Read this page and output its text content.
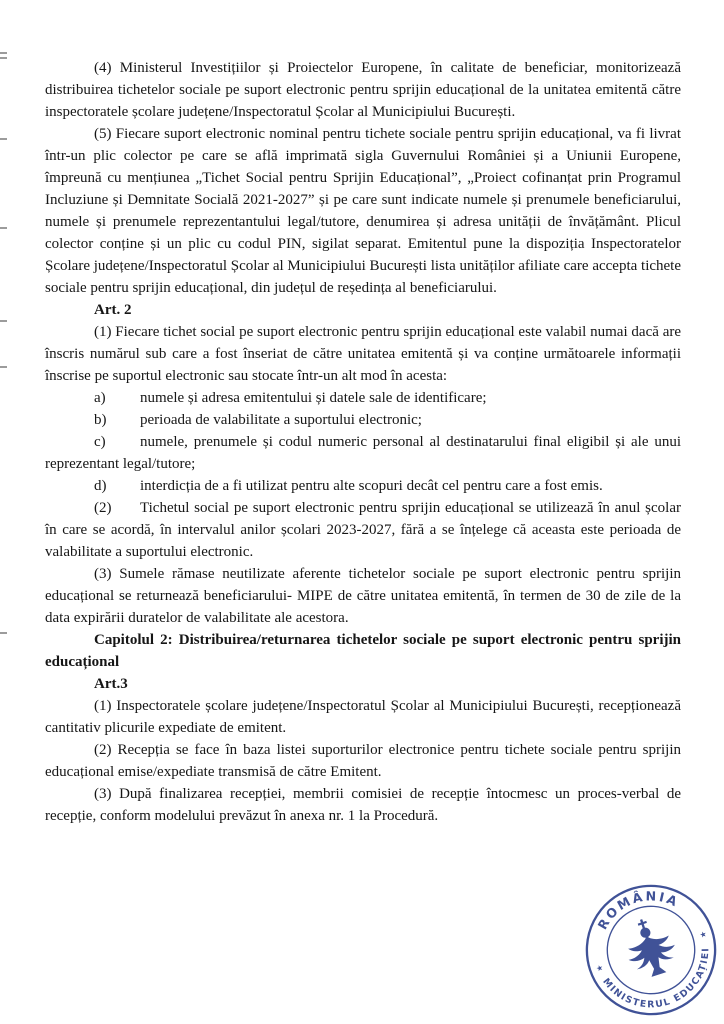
(4) Ministerul Investițiilor și Proiectelor Europene, în calitate de beneficiar, monitorizează distribuirea tichetelor sociale pe suport electronic pentru sprijin educațional de la unitatea emitentă către inspectoratele școlare județene/Inspectoratul Școlar al Municipiului București.

(5) Fiecare suport electronic nominal pentru tichete sociale pentru sprijin educațional, va fi livrat într-un plic colector pe care se află imprimată sigla Guvernului României și a Uniunii Europene, împreună cu mențiunea „Tichet Social pentru Sprijin Educațional”, „Proiect cofinanțat prin Programul Incluziune și Demnitate Socială 2021-2027” și pe care sunt indicate numele și prenumele beneficiarului, numele și prenumele reprezentantului legal/tutore, denumirea și adresa unității de învățământ. Plicul colector conține și un plic cu codul PIN, sigilat separat. Emitentul pune la dispoziția Inspectoratelor Școlare județene/Inspectoratul Școlar al Municipiului București lista unităților afiliate care accepta tichete sociale pentru sprijin educațional, din județul de reședința al beneficiarului.

Art. 2

(1) Fiecare tichet social pe suport electronic pentru sprijin educațional este valabil numai dacă are înscris numărul sub care a fost înseriat de către unitatea emitentă și va conține următoarele informații înscrise pe suportul electronic sau stocate într-un alt mod în acesta:

a) numele și adresa emitentului și datele sale de identificare;

b) perioada de valabilitate a suportului electronic;

c) numele, prenumele și codul numeric personal al destinatarului final eligibil și ale unui reprezentant legal/tutore;

d) interdicția de a fi utilizat pentru alte scopuri decât cel pentru care a fost emis.

(2) Tichetul social pe suport electronic pentru sprijin educațional se utilizează în anul școlar în care se acordă, în intervalul anilor școlari 2023-2027, fără a se înțelege că aceasta este perioada de valabilitate a suportului electronic.

(3) Sumele rămase neutilizate aferente tichetelor sociale pe suport electronic pentru sprijin educațional se returnează beneficiarului- MIPE de către unitatea emitentă, în termen de 30 de zile de la data expirării duratelor de valabilitate ale acestora.

Capitolul 2: Distribuirea/returnarea tichetelor sociale pe suport electronic pentru sprijin educațional

Art.3

(1) Inspectoratele școlare județene/Inspectoratul Școlar al Municipiului București, recepționează cantitativ plicurile expediate de emitent.

(2) Recepția se face în baza listei suporturilor electronice pentru tichete sociale pentru sprijin educațional emise/expediate transmisă de către Emitent.

(3) După finalizarea recepției, membrii comisiei de recepție întocmesc un proces-verbal de recepție, conform modelului prevăzut în anexa nr. 1 la Procedură.

ROMÂNIA
MINISTERUL EDUCAȚIEI
★
★
